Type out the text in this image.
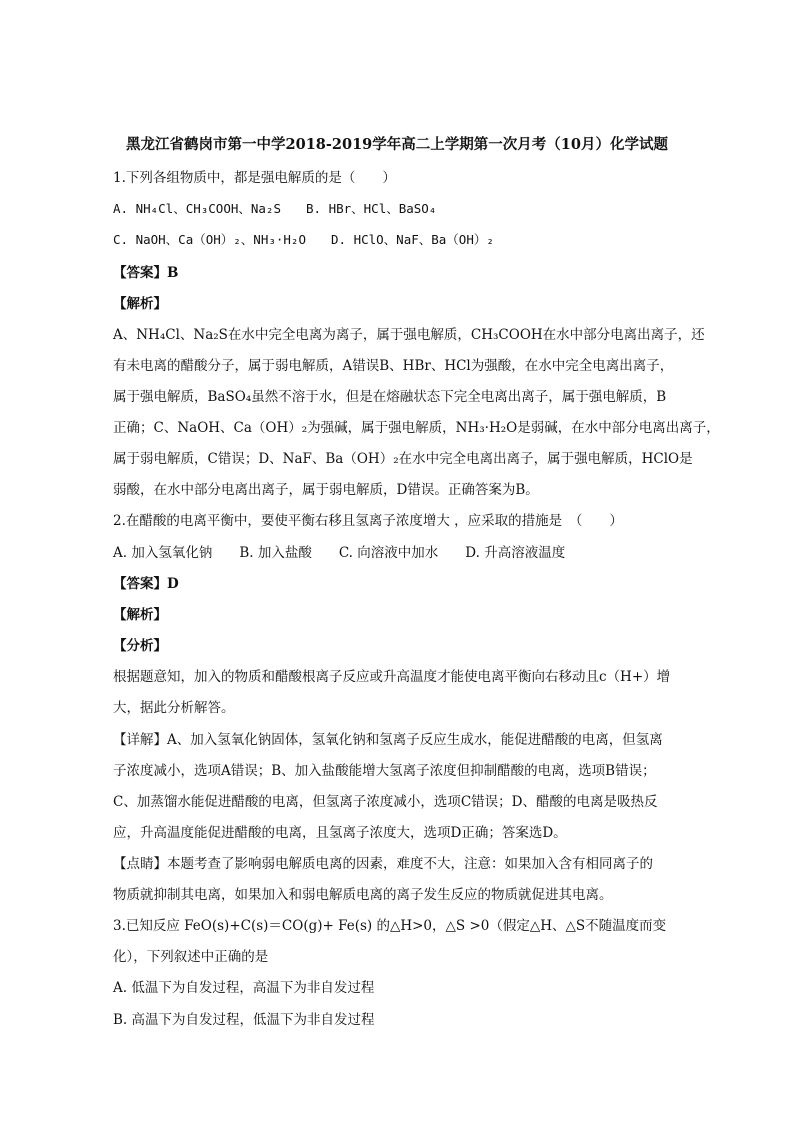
黑龙江省鹤岗市第一中学2018-2019学年高二上学期第一次月考（10月）化学试题
1.下列各组物质中，都是强电解质的是（　　）
A. NH₄Cl、CH₃COOH、Na₂S　　B. HBr、HCl、BaSO₄
C. NaOH、Ca（OH）₂、NH₃·H₂O　　D. HClO、NaF、Ba（OH）₂
【答案】B
【解析】
A、NH₄Cl、Na₂S在水中完全电离为离子，属于强电解质，CH₃COOH在水中部分电离出离子，还
有未电离的醋酸分子，属于弱电解质，A错误B、HBr、HCl为强酸，在水中完全电离出离子，
属于强电解质，BaSO₄虽然不溶于水，但是在熔融状态下完全电离出离子，属于强电解质，B
正确；C、NaOH、Ca（OH）₂为强碱，属于强电解质，NH₃·H₂O是弱碱，在水中部分电离出离子，
属于弱电解质，C错误；D、NaF、Ba（OH）₂在水中完全电离出离子，属于强电解质，HClO是
弱酸，在水中部分电离出离子，属于弱电解质，D错误。正确答案为B。
2.在醋酸的电离平衡中，要使平衡右移且氢离子浓度增大 ，应采取的措施是　（　　）
A. 加入氢氧化钠　　B. 加入盐酸　　C. 向溶液中加水　　D. 升高溶液温度
【答案】D
【解析】
【分析】
根据题意知，加入的物质和醋酸根离子反应或升高温度才能使电离平衡向右移动且c（H+）增
大，据此分析解答。
【详解】A、加入氢氧化钠固体，氢氧化钠和氢离子反应生成水，能促进醋酸的电离，但氢离
子浓度减小，选项A错误；B、加入盐酸能增大氢离子浓度但抑制醋酸的电离，选项B错误；
C、加蒸馏水能促进醋酸的电离，但氢离子浓度减小，选项C错误；D、醋酸的电离是吸热反
应，升高温度能促进醋酸的电离，且氢离子浓度大，选项D正确；答案选D。
【点睛】本题考查了影响弱电解质电离的因素，难度不大，注意：如果加入含有相同离子的
物质就抑制其电离，如果加入和弱电解质电离的离子发生反应的物质就促进其电离。
3.已知反应 FeO(s)+C(s)＝CO(g)+ Fe(s) 的△H>0，△S >0（假定△H、△S不随温度而变
化），下列叙述中正确的是
A. 低温下为自发过程，高温下为非自发过程
B. 高温下为自发过程，低温下为非自发过程
